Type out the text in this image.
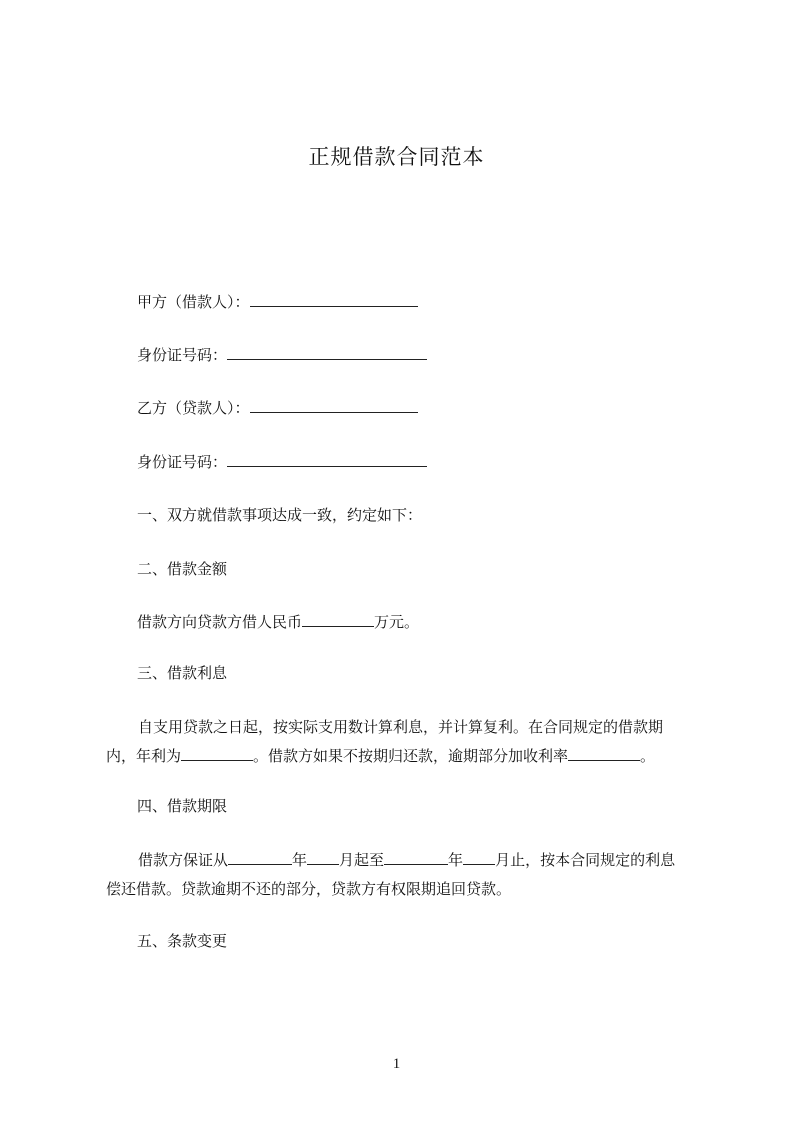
正规借款合同范本
甲方（借款人）：
身份证号码：
乙方（贷款人）：
身份证号码：
一、双方就借款事项达成一致，约定如下：
二、借款金额
借款方向贷款方借人民币	万元。
三、借款利息
自支用贷款之日起，按实际支用数计算利息，并计算复利。在合同规定的借款期
内，年利为	。借款方如果不按期归还款，逾期部分加收利率	。
四、借款期限
借款方保证从	年 月起至	年 月止，按本合同规定的利息
偿还借款。贷款逾期不还的部分，贷款方有权限期追回贷款。
五、条款变更
1
